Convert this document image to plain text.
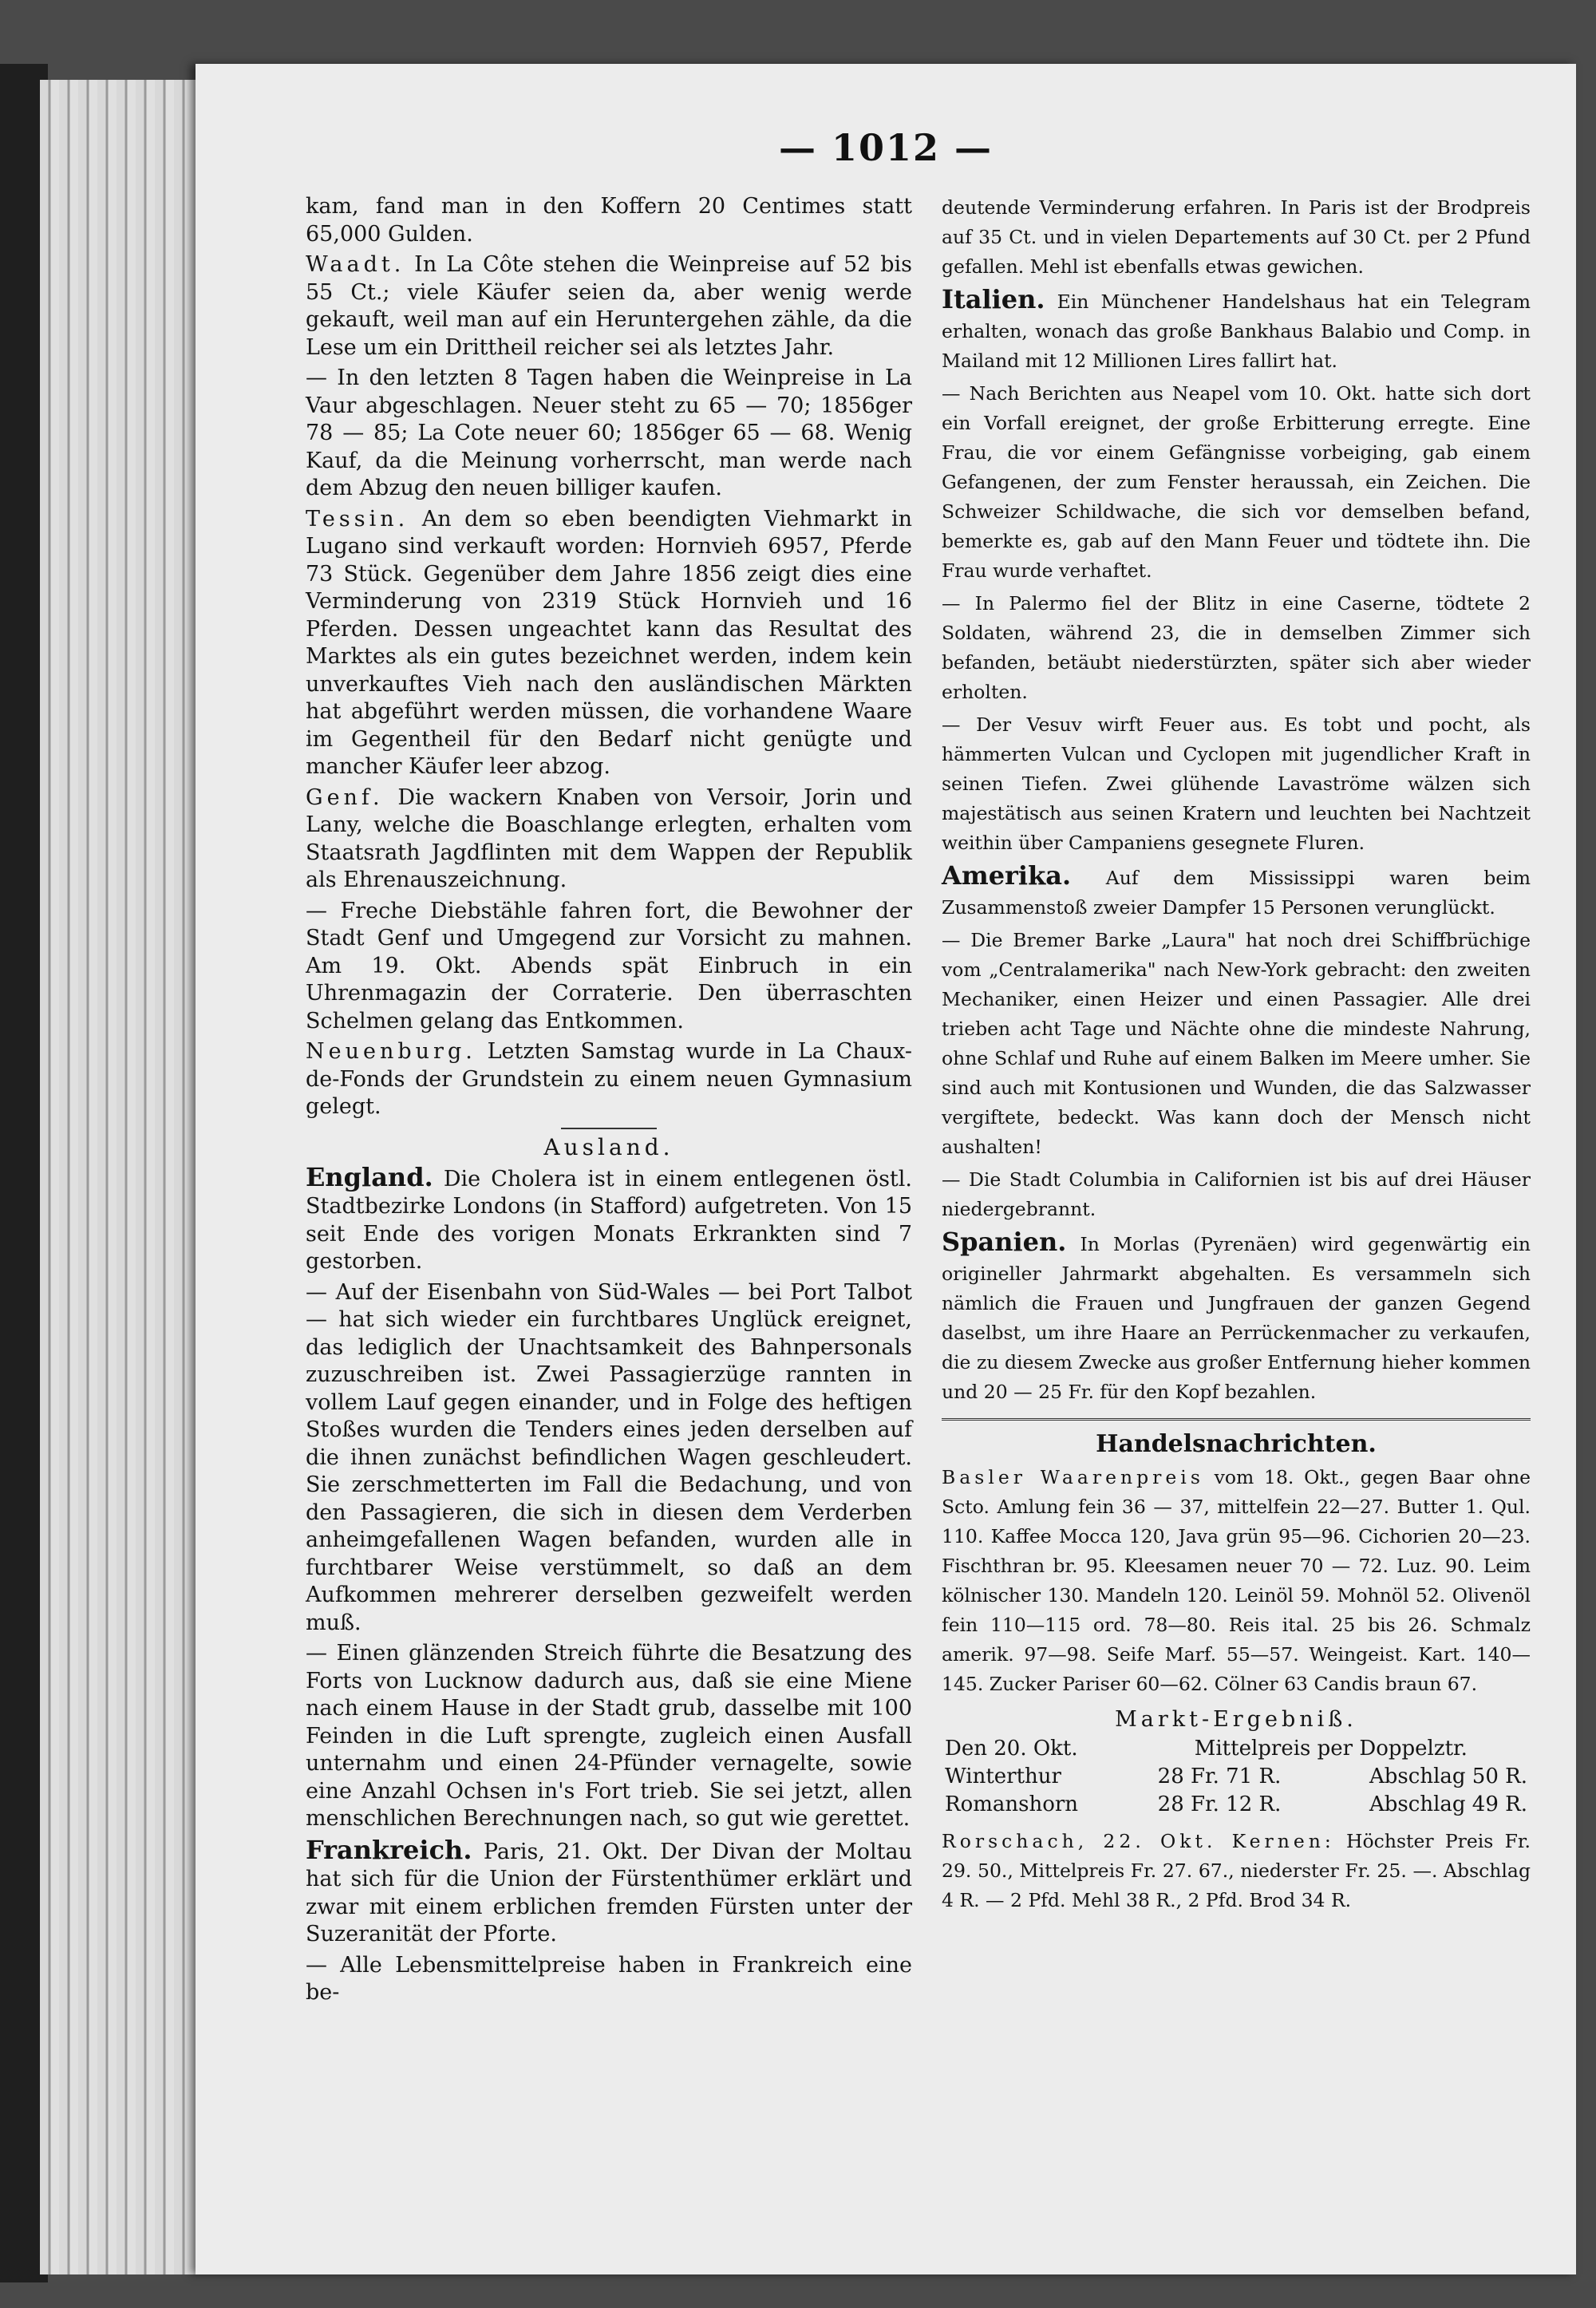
— 1012 —

kam, fand man in den Koffern 20 Centimes statt 65,000 Gulden.

Waadt. In La Côte stehen die Weinpreise auf 52 bis 55 Ct.; viele Käufer seien da, aber wenig werde gekauft, weil man auf ein Heruntergehen zähle, da die Lese um ein Drittheil reicher sei als letztes Jahr.

— In den letzten 8 Tagen haben die Weinpreise in La Vaur abgeschlagen. Neuer steht zu 65 — 70; 1856ger 78 — 85; La Cote neuer 60; 1856ger 65 — 68. Wenig Kauf, da die Meinung vorherrscht, man werde nach dem Abzug den neuen billiger kaufen.

Tessin. An dem so eben beendigten Viehmarkt in Lugano sind verkauft worden: Hornvieh 6957, Pferde 73 Stück. Gegenüber dem Jahre 1856 zeigt dies eine Verminderung von 2319 Stück Hornvieh und 16 Pferden. Dessen ungeachtet kann das Resultat des Marktes als ein gutes bezeichnet werden, indem kein unverkauftes Vieh nach den ausländischen Märkten hat abgeführt werden müssen, die vorhandene Waare im Gegentheil für den Bedarf nicht genügte und mancher Käufer leer abzog.

Genf. Die wackern Knaben von Versoir, Jorin und Lany, welche die Boaschlange erlegten, erhalten vom Staatsrath Jagdflinten mit dem Wappen der Republik als Ehrenauszeichnung.

— Freche Diebstähle fahren fort, die Bewohner der Stadt Genf und Umgegend zur Vorsicht zu mahnen. Am 19. Okt. Abends spät Einbruch in ein Uhrenmagazin der Corraterie. Den überraschten Schelmen gelang das Entkommen.

Neuenburg. Letzten Samstag wurde in La Chaux-de-Fonds der Grundstein zu einem neuen Gymnasium gelegt.

Ausland.

England. Die Cholera ist in einem entlegenen östl. Stadtbezirke Londons (in Stafford) aufgetreten. Von 15 seit Ende des vorigen Monats Erkrankten sind 7 gestorben.

— Auf der Eisenbahn von Süd-Wales — bei Port Talbot — hat sich wieder ein furchtbares Unglück ereignet, das lediglich der Unachtsamkeit des Bahnpersonals zuzuschreiben ist. Zwei Passagierzüge rannten in vollem Lauf gegen einander, und in Folge des heftigen Stoßes wurden die Tenders eines jeden derselben auf die ihnen zunächst befindlichen Wagen geschleudert. Sie zerschmetterten im Fall die Bedachung, und von den Passagieren, die sich in diesen dem Verderben anheimgefallenen Wagen befanden, wurden alle in furchtbarer Weise verstümmelt, so daß an dem Aufkommen mehrerer derselben gezweifelt werden muß.

— Einen glänzenden Streich führte die Besatzung des Forts von Lucknow dadurch aus, daß sie eine Miene nach einem Hause in der Stadt grub, dasselbe mit 100 Feinden in die Luft sprengte, zugleich einen Ausfall unternahm und einen 24-Pfünder vernagelte, sowie eine Anzahl Ochsen in's Fort trieb. Sie sei jetzt, allen menschlichen Berechnungen nach, so gut wie gerettet.

Frankreich. Paris, 21. Okt. Der Divan der Moltau hat sich für die Union der Fürstenthümer erklärt und zwar mit einem erblichen fremden Fürsten unter der Suzeranität der Pforte.

— Alle Lebensmittelpreise haben in Frankreich eine be-

deutende Verminderung erfahren. In Paris ist der Brodpreis auf 35 Ct. und in vielen Departements auf 30 Ct. per 2 Pfund gefallen. Mehl ist ebenfalls etwas gewichen.

Italien. Ein Münchener Handelshaus hat ein Telegram erhalten, wonach das große Bankhaus Balabio und Comp. in Mailand mit 12 Millionen Lires fallirt hat.

— Nach Berichten aus Neapel vom 10. Okt. hatte sich dort ein Vorfall ereignet, der große Erbitterung erregte. Eine Frau, die vor einem Gefängnisse vorbeiging, gab einem Gefangenen, der zum Fenster heraussah, ein Zeichen. Die Schweizer Schildwache, die sich vor demselben befand, bemerkte es, gab auf den Mann Feuer und tödtete ihn. Die Frau wurde verhaftet.

— In Palermo fiel der Blitz in eine Caserne, tödtete 2 Soldaten, während 23, die in demselben Zimmer sich befanden, betäubt niederstürzten, später sich aber wieder erholten.

— Der Vesuv wirft Feuer aus. Es tobt und pocht, als hämmerten Vulcan und Cyclopen mit jugendlicher Kraft in seinen Tiefen. Zwei glühende Lavaströme wälzen sich majestätisch aus seinen Kratern und leuchten bei Nachtzeit weithin über Campaniens gesegnete Fluren.

Amerika. Auf dem Mississippi waren beim Zusammenstoß zweier Dampfer 15 Personen verunglückt.

— Die Bremer Barke „Laura" hat noch drei Schiffbrüchige vom „Centralamerika" nach New-York gebracht: den zweiten Mechaniker, einen Heizer und einen Passagier. Alle drei trieben acht Tage und Nächte ohne die mindeste Nahrung, ohne Schlaf und Ruhe auf einem Balken im Meere umher. Sie sind auch mit Kontusionen und Wunden, die das Salzwasser vergiftete, bedeckt. Was kann doch der Mensch nicht aushalten!

— Die Stadt Columbia in Californien ist bis auf drei Häuser niedergebrannt.

Spanien. In Morlas (Pyrenäen) wird gegenwärtig ein origineller Jahrmarkt abgehalten. Es versammeln sich nämlich die Frauen und Jungfrauen der ganzen Gegend daselbst, um ihre Haare an Perrückenmacher zu verkaufen, die zu diesem Zwecke aus großer Entfernung hieher kommen und 20 — 25 Fr. für den Kopf bezahlen.

Handelsnachrichten.

Basler Waarenpreis vom 18. Okt., gegen Baar ohne Scto. Amlung fein 36 — 37, mittelfein 22—27. Butter 1. Qul. 110. Kaffee Mocca 120, Java grün 95—96. Cichorien 20—23. Fischthran br. 95. Kleesamen neuer 70 — 72. Luz. 90. Leim kölnischer 130. Mandeln 120. Leinöl 59. Mohnöl 52. Olivenöl fein 110—115 ord. 78—80. Reis ital. 25 bis 26. Schmalz amerik. 97—98. Seife Marf. 55—57. Weingeist. Kart. 140—145. Zucker Pariser 60—62. Cölner 63 Candis braun 67.

Markt-Ergebniß.
Den 20. Okt.	Mittelpreis per Doppelztr.	
Winterthur	28 Fr. 71 R.	Abschlag 50 R.
Romanshorn	28 Fr. 12 R.	Abschlag 49 R.

Rorschach, 22. Okt. Kernen: Höchster Preis Fr. 29. 50., Mittelpreis Fr. 27. 67., niederster Fr. 25. —. Abschlag 4 R. — 2 Pfd. Mehl 38 R., 2 Pfd. Brod 34 R.
